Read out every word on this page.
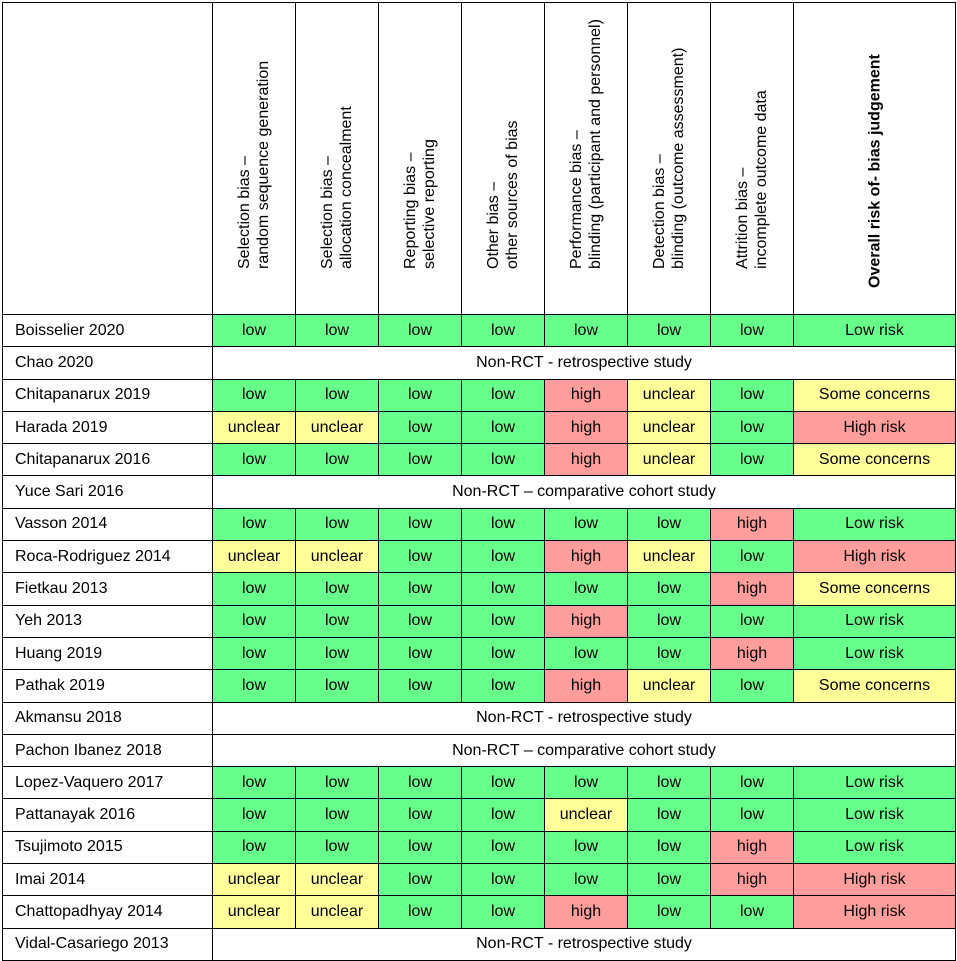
	Selection bias – random sequence generation	Selection bias – allocation concealment	Reporting bias – selective reporting	Other bias – other sources of bias	Performance bias – blinding (participant and personnel)	Detection bias – blinding (outcome assessment)	Attrition bias – incomplete outcome data	Overall risk of- bias judgement

Boisselier 2020	low	low	low	low	low	low	low	Low risk
Chao 2020	Non-RCT - retrospective study							
Chitapanarux 2019	low	low	low	low	high	unclear	low	Some concerns
Harada 2019	unclear	unclear	low	low	high	unclear	low	High risk
Chitapanarux 2016	low	low	low	low	high	unclear	low	Some concerns
Yuce Sari 2016	Non-RCT – comparative cohort study							
Vasson 2014	low	low	low	low	low	low	high	Low risk
Roca-Rodriguez 2014	unclear	unclear	low	low	high	unclear	low	High risk
Fietkau 2013	low	low	low	low	low	low	high	Some concerns
Yeh 2013	low	low	low	low	high	low	low	Low risk
Huang 2019	low	low	low	low	low	low	high	Low risk
Pathak 2019	low	low	low	low	high	unclear	low	Some concerns
Akmansu 2018	Non-RCT - retrospective study							
Pachon Ibanez 2018	Non-RCT – comparative cohort study							
Lopez-Vaquero 2017	low	low	low	low	low	low	low	Low risk
Pattanayak 2016	low	low	low	low	unclear	low	low	Low risk
Tsujimoto 2015	low	low	low	low	low	low	high	Low risk
Imai 2014	unclear	unclear	low	low	low	low	high	High risk
Chattopadhyay 2014	unclear	unclear	low	low	high	low	low	High risk
Vidal-Casariego 2013	Non-RCT - retrospective study							
